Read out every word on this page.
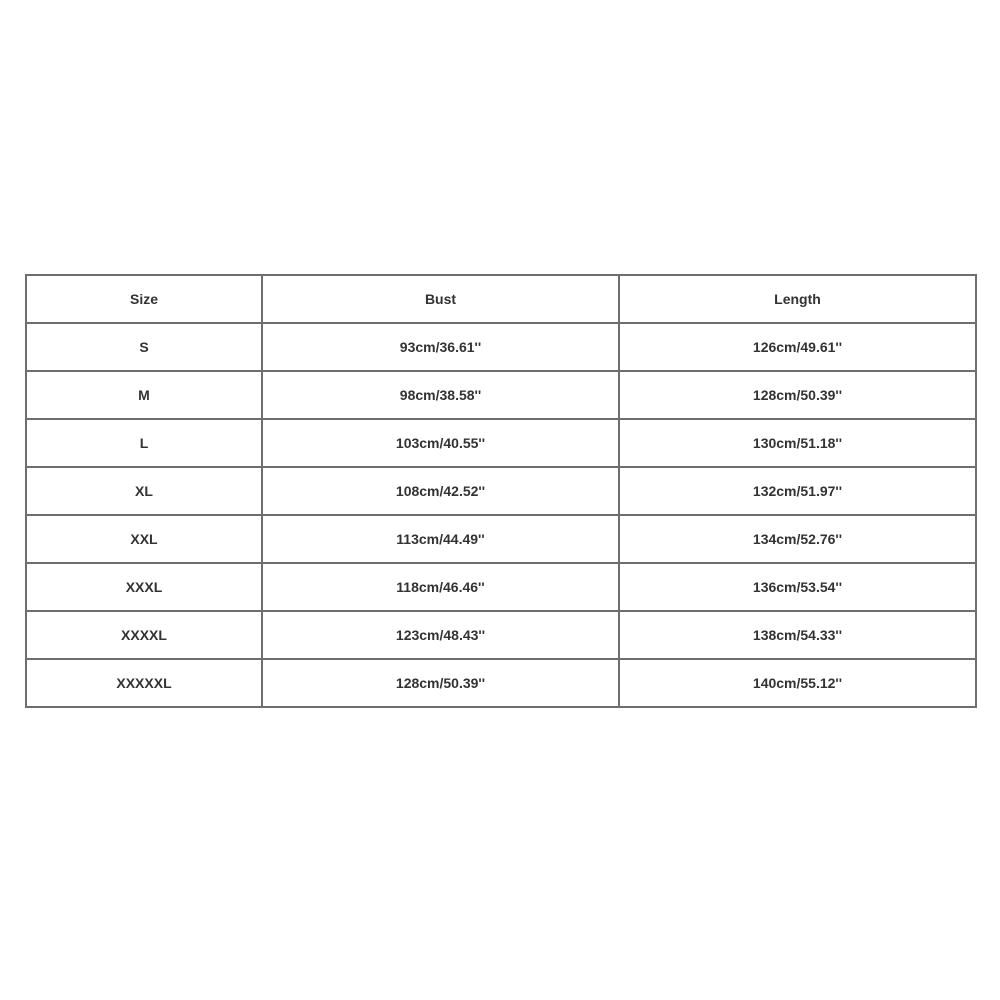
Size	Bust	Length
S	93cm/36.61''	126cm/49.61''
M	98cm/38.58''	128cm/50.39''
L	103cm/40.55''	130cm/51.18''
XL	108cm/42.52''	132cm/51.97''
XXL	113cm/44.49''	134cm/52.76''
XXXL	118cm/46.46''	136cm/53.54''
XXXXL	123cm/48.43''	138cm/54.33''
XXXXXL	128cm/50.39''	140cm/55.12''
